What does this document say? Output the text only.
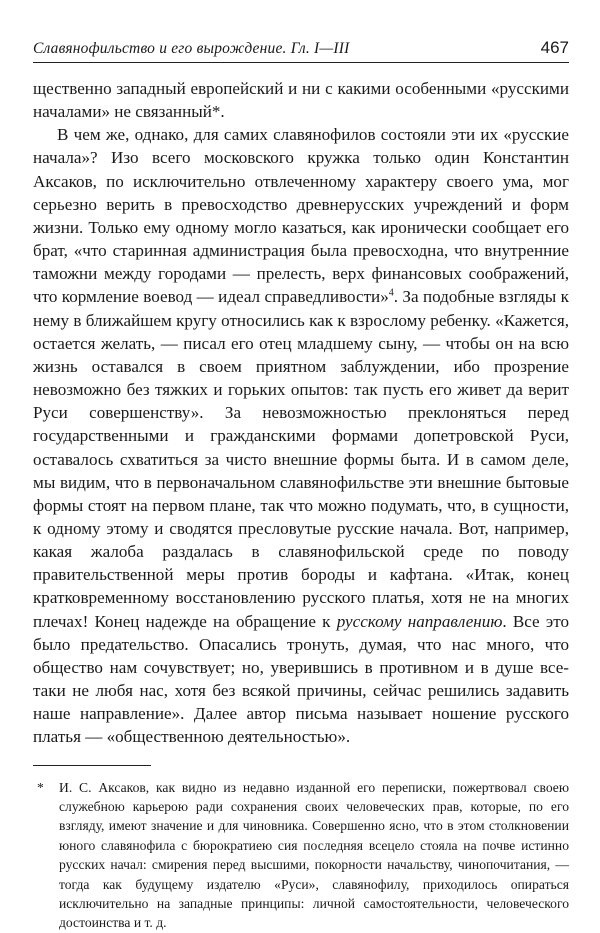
Славянофильство и его вырождение. Гл. I—III	467

щественно западный европейский и ни с какими особенными «русскими началами» не связанный*.

В чем же, однако, для самих славянофилов состояли эти их «русские начала»? Изо всего московского кружка только один Константин Аксаков, по исключительно отвлеченному характеру своего ума, мог серьезно верить в превосходство древнерусских учреждений и форм жизни. Только ему одному могло казаться, как иронически сообщает его брат, «что старинная администрация была превосходна, что внутренние таможни между городами — прелесть, верх финансовых соображений, что кормление воевод — идеал справедливости»$^4$. За подобные взгляды к нему в ближайшем кругу относились как к взрослому ребенку. «Кажется, остается желать, — писал его отец младшему сыну, — чтобы он на всю жизнь оставался в своем приятном заблуждении, ибо прозрение невозможно без тяжких и горьких опытов: так пусть его живет да верит Руси совершенству». За невозможностью преклоняться перед государственными и гражданскими формами допетровской Руси, оставалось схватиться за чисто внешние формы быта. И в самом деле, мы видим, что в первоначальном славянофильстве эти внешние бытовые формы стоят на первом плане, так что можно подумать, что, в сущности, к одному этому и сводятся пресловутые русские начала. Вот, например, какая жалоба раздалась в славянофильской среде по поводу правительственной меры против бороды и кафтана. «Итак, конец кратковременному восстановлению русского платья, хотя не на многих плечах! Конец надежде на обращение к русскому направлению. Все это было предательство. Опасались тронуть, думая, что нас много, что общество нам сочувствует; но, уверившись в противном и в душе все-таки не любя нас, хотя без всякой причины, сейчас решились задавить наше направление». Далее автор письма называет ношение русского платья — «общественною деятельностью».

* И. С. Аксаков, как видно из недавно изданной его переписки, пожертвовал своею служебною карьерою ради сохранения своих человеческих прав, которые, по его взгляду, имеют значение и для чиновника. Совершенно ясно, что в этом столкновении юного славянофила с бюрократиею сия последняя всецело стояла на почве истинно русских начал: смирения перед высшими, покорности начальству, чинопочитания, — тогда как будущему издателю «Руси», славянофилу, приходилось опираться исключительно на западные принципы: личной самостоятельности, человеческого достоинства и т. д.
